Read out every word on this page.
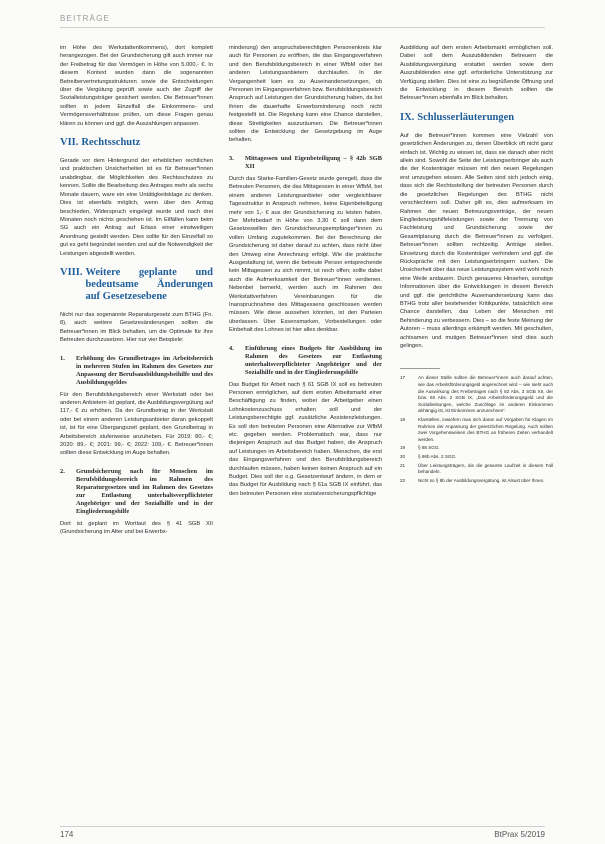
BEITRÄGE

im Höhe des Werkstattentkommens), dort komplett herangezogen. Bei der Grundsicherung gilt auch immer nur der Freibetrag für das Vermögen in Höhe von 5.000,- €. In diesem Kontext wurden dann die sogenannten Betreibervertretungsstrukturen sowie die Entscheidungen über die Vergütung geprüft sowie auch der Zugriff der Sozialleistungsträger gesichert werden. Die Betreuer*innen sollten in jedem Einzelfall die Einkommens- und Vermögensverhältnisse prüfen, um diese Fragen genau klären zu können und ggf. die Auszahlungen anpassen.

VII. Rechtsschutz

Gerade vor dem Hintergrund der erheblichen rechtlichen und praktischen Unsicherheiten ist es für Betreuer*innen unabdingbar, die Möglichkeiten des Rechtsschutzes zu kennen. Sollte die Bearbeitung des Antrages mehr als sechs Monate dauern, ware ein eine Untätigkeitsklage zu denken. Dies ist ebenfalls möglich, wenn über den Antrag beschieden, Widerspruch eingelegt wurde und nach drei Monaten noch nichts geschehen ist. Im Eilfällen kann beim SG auch ein Antrag auf Erlass einer einstweiligen Anordnung gestellt werden. Dies sollte für den Einzelfall so gut es geht begründet werden und auf die Notwendigkeit der Leistungen abgestellt werden.

VIII. Weitere geplante und bedeutsame Änderungen auf Gesetzesebene

Nicht nur das sogenannte Reparaturgesetz zum BTHG (Fn. 8), auch weitere Gesetzesänderungen sollten die Betreuer*innen im Blick behalten, um die Optimale für ihre Betreuten durchzusetzen. Hier nur vier Beispiele:

1.	Erhöhung des Grundbetrages im Arbeitsbereich in mehreren Stufen im Rahmen des Gesetzes zur Anpassung der Berufsausbildungsbeihilfe und des Ausbildungsgeldes

Für den Berufsbildungsbereich einer Werkstatt oder bei anderen Anbietern ist geplant, die Ausbildungsvergütung auf 117,- € zu erhöhen. Da der Grundbetrag in der Werkstatt oder bei einem anderen Leistungsanbieter daran gekoppelt ist, ist für eine Übergangszeit geplant, den Grundbetrag in Arbeitsbereich stufenweise anzuheben. Für 2019: 80,- €; 2020: 89,- €; 2021: 99,- €; 2022: 109,- €. Betreuer*innen sollten diese Entwicklung im Auge behalten.

2.	Grundsicherung nach für Menschen im Berufsbildungsbereich im Rahmen des Reparaturgesetzes und im Rahmen des Gesetzes zur Entlastung unterhaltsverpflichteter Angehöriger und der Sozialhilfe und in der Eingliederungshilfe

Dort ist geplant im Wortlaut des § 41 SGB XII (Grundsicherung im Alter und bei Erwerbs-

minderung) den anspruchsberechtigten Personenkreis klar auch für Personen zu eröffnen, die das Eingangsverfahren und den Berufsbildungsbereich in einer WfbM oder bei anderen Leistungsanbietern durchlaufen. In der Vergangenheit kam es zu Auseinandersetzungen, ob Personen im Eingangsverfahren bzw. Berufsbildungsbereich Anspruch auf Leistungen der Grundsicherung haben, da bei ihnen die dauerhafte Erwerbsminderung noch nicht festgestellt ist. Die Regelung kann eine Chance darstellen, diese Streitigkeiten auszuräumen. Die Betreuer*innen sollten die Entwicklung der Gesetzgebung im Auge behalten.

3.	Mittagessen und Eigenbeteiligung – § 42b SGB XII

Durch das Starke-Familien-Gesetz wurde geregelt, dass die Betreuten Personen, die das Mittagessen in einer WfbM, bei einem anderen Leistungsanbieter oder vergleichbarer Tagesstruktur in Anspruch nehmen, keine Eigenbeteiligung mehr von 1,- € aus der Grundsicherung zu leisten haben. Der Mehrbedarf in Höhe von 3,30 € soll dann dem Gesetzeswillen den Grundsicherungsempfänger*innen zu vollen Umfang zugutekommen. Bei der Berechnung der Grundsicherung ist daher darauf zu achten, dass nicht über den Umweg eine Anrechnung erfolgt. Wie die praktische Ausgestaltung ist, wenn die betreute Person entsprechende kein Mittagessen zu sich nimmt, ist noch offen; sollte dabei auch die Aufmerksamkeit der Betreuer*innen verdienen. Nebenbei bemerkt, werden auch im Rahmen des Werkstattverfahren Vereinbarungen für die Inanspruchnahme des Mittagessens geschlossen werden müssen. Wie diese aussehen könnten, ist den Parteien überlassen. Über Essensmarken, Vorbestellungen oder Einbehalt des Lohnes ist hier alles denkbar.

4.	Einführung eines Budgets für Ausbildung im Rahmen des Gesetzes zur Entlastung unterhaltsverpflichteter Angehöriger und der Sozialhilfe und in der Eingliederungshilfe

Das Budget für Arbeit nach § 61 SGB IX soll es betreuten Personen ermöglichen, auf dem ersten Arbeitsmarkt einer Beschäftigung zu finden, wobei der Arbeitgeber einen Lohnkostenzuschuss erhalten soll und der Leistungsberechtigte ggf. zusätzliche Assistenzleistungen. Es soll den betreuten Personen eine Alternative zur WfbM etc. gegeben werden. Problematisch war, dass nur diejenigen Anspruch auf das Budget haben, die Anspruch auf Leistungen im Arbeitsbereich haben. Menschen, die erst das Eingangsverfahren und den Berufsbildungsbereich durchlaufen müssen, haben keinen keinen Anspruch auf ein Budget. Dies soll der o.g. Gesetzentwurf ändern, in dem er das Budget für Ausbildung nach § 61a SGB IX einführt, das den betreuten Personen eine sozialversicherungspflichtige

Ausbildung auf dem ersten Arbeitsmarkt ermöglichen soll. Dabei soll dem Auszubildenden Betreuern die Ausbildungsvergütung erstattet werden sowie dem Auszubildenden eine ggf. erforderliche Unterstützung zur Verfügung stellen. Dies ist eine zu begrüßende Öffnung und die Entwicklung in diesem Bereich sollten die Betreuer*innen ebenfalls im Blick behalten.

IX. Schlusserläuterungen

Auf die Betreuer*innen kommen eine Vielzahl von gesetzlichen Änderungen zu, denen Überblick oft nicht ganz einfach ist. Wichtig zu wissen ist, dass sie danach aber nicht allein sind. Sowohl die Seite der Leistungserbringer als auch die der Kostenträger müssen mit den neuen Regelungen erst umzugehen wissen. Alle Seiten sind sich jedoch einig, dass sich die Rechtsstellung der betreuten Personen durch die gesetzlichen Regelungen des BTHG nicht verschlechtern soll. Daher gilt es, dies aufmerksam im Rahmen der neuen Betreuungsverträge, der neuen Eingliederungshilfeleistungen sowie der Trennung von Fachleistung und Grundsicherung sowie der Gesamtplanung durch die Betreuer*innen zu verfolgen. Betreuer*innen sollten rechtzeitig Anträge stellen. Einsetzung durch die Kostenträger verhindern und ggf. die Rückspräche mit den Leistungserbringern suchen. Die Unsicherheit über das neue Leistungssystem wird wohl noch eine Weile andauern. Durch genaueres Hinsehen, sonstige Informationen über die Entwicklungen in diesem Bereich und ggf. die gerichtliche Auseinandersetzung kann das BTHG trotz aller bestehender Kritikpunkte, tatsächlich eine Chance darstellen, das Leben der Menschen mit Behinderung zu verbessern. Dies – so die feste Meinung der Autoren – muss allerdings erkämpft werden. Mit geschulten, achtsamen und mutigen Betreuer*innen sind dies auch gelingen.

17	An dieser Stelle sollten die Betreuer*innen auch darauf achten, wie das Arbeitsförderungsgeld angerechnet wird – wie sieht auch die Auswirkung des Freibetrages nach § 82 Abs. 3 SGB XII, der bzw. 60 Abs. 2 SGB IX, „Das Arbeitsförderungsgeld und die Sozialleistungen, welche Zuschläge im anderen Einkommen abhängig ist, ist Einkommen anzurechnen“.
18	Klarstellen, inwiefern man sich daran auf Vorgaben für Klagen im Rahmen der Anpassung der gesetzlichen Regelung. Auch sollten zwei Vorgehensweisen des BTHG an früheren Zeiten verhandelt werden.
19	§ 88 SGG.
20	§ 86b Abs. 2 SGG.
21	Über Leistungsträgern, die die gesamte Laufzeit in diesem Fall behandeln.
22	Nicht so § 9b der Ausbildungsvergütung, ist Alsust über Ihnen.
174	BtPrax 5/2019
